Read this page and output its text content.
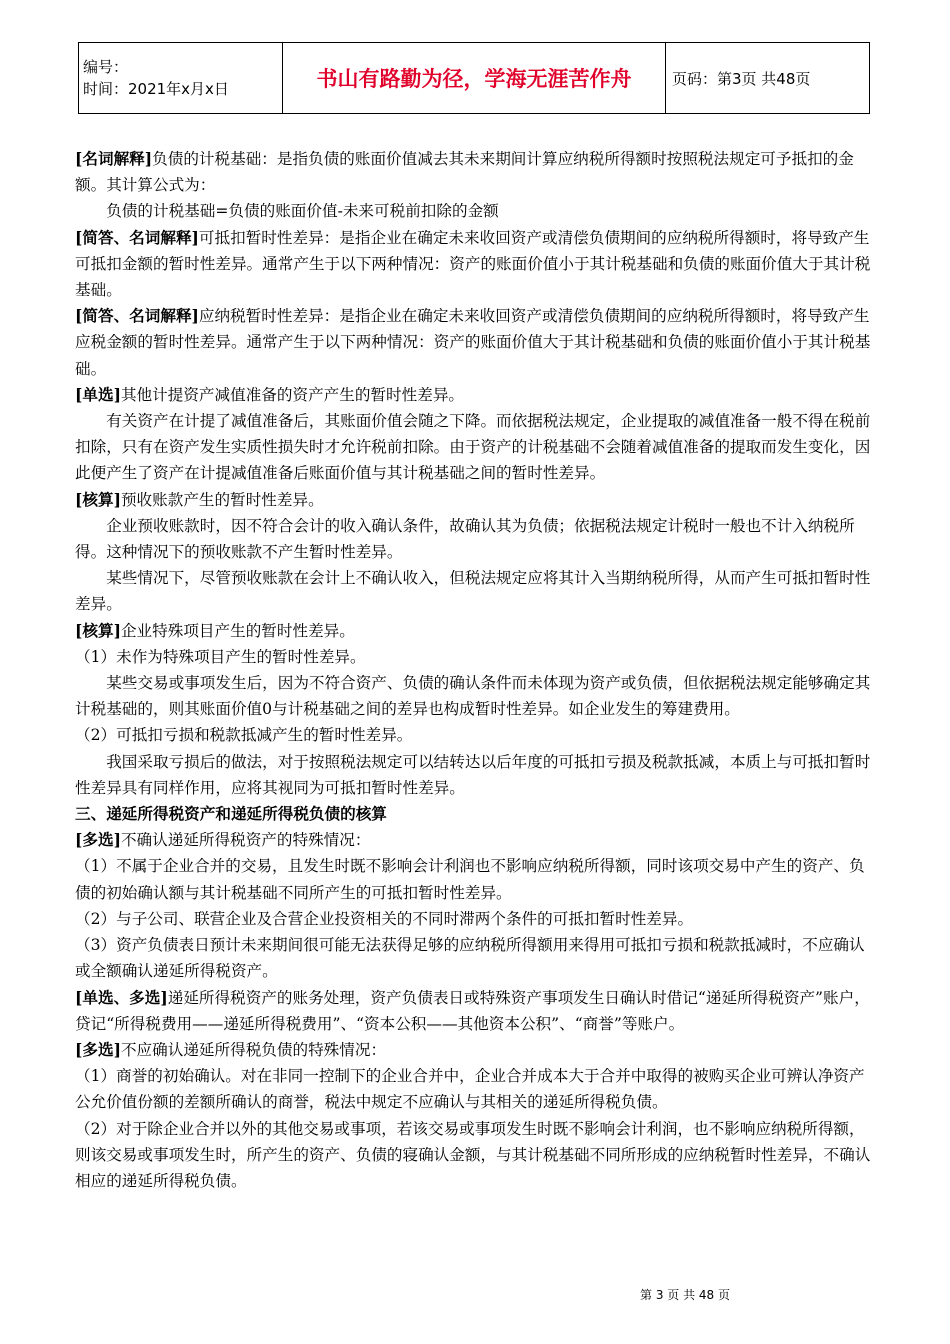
编号：
时间：2021年x月x日	书山有路勤为径，学海无涯苦作舟	页码：第3页 共48页

[名词解释]负债的计税基础：是指负债的账面价值减去其未来期间计算应纳税所得额时按照税法规定可予抵扣的金额。其计算公式为：

负债的计税基础=负债的账面价值-未来可税前扣除的金额

[简答、名词解释]可抵扣暂时性差异：是指企业在确定未来收回资产或清偿负债期间的应纳税所得额时，将导致产生可抵扣金额的暂时性差异。通常产生于以下两种情况：资产的账面价值小于其计税基础和负债的账面价值大于其计税基础。

[简答、名词解释]应纳税暂时性差异：是指企业在确定未来收回资产或清偿负债期间的应纳税所得额时，将导致产生应税金额的暂时性差异。通常产生于以下两种情况：资产的账面价值大于其计税基础和负债的账面价值小于其计税基础。

[单选]其他计提资产减值准备的资产产生的暂时性差异。

有关资产在计提了减值准备后，其账面价值会随之下降。而依据税法规定，企业提取的减值准备一般不得在税前扣除，只有在资产发生实质性损失时才允许税前扣除。由于资产的计税基础不会随着减值准备的提取而发生变化，因此便产生了资产在计提减值准备后账面价值与其计税基础之间的暂时性差异。

[核算]预收账款产生的暂时性差异。

企业预收账款时，因不符合会计的收入确认条件，故确认其为负债；依据税法规定计税时一般也不计入纳税所得。这种情况下的预收账款不产生暂时性差异。

某些情况下，尽管预收账款在会计上不确认收入，但税法规定应将其计入当期纳税所得，从而产生可抵扣暂时性差异。

[核算]企业特殊项目产生的暂时性差异。

（1）未作为特殊项目产生的暂时性差异。

某些交易或事项发生后，因为不符合资产、负债的确认条件而未体现为资产或负债，但依据税法规定能够确定其计税基础的，则其账面价值0与计税基础之间的差异也构成暂时性差异。如企业发生的筹建费用。

（2）可抵扣亏损和税款抵减产生的暂时性差异。

我国采取亏损后的做法，对于按照税法规定可以结转达以后年度的可抵扣亏损及税款抵减，本质上与可抵扣暂时性差异具有同样作用，应将其视同为可抵扣暂时性差异。

三、递延所得税资产和递延所得税负债的核算

[多选]不确认递延所得税资产的特殊情况：

（1）不属于企业合并的交易，且发生时既不影响会计利润也不影响应纳税所得额，同时该项交易中产生的资产、负债的初始确认额与其计税基础不同所产生的可抵扣暂时性差异。

（2）与子公司、联营企业及合营企业投资相关的不同时滞两个条件的可抵扣暂时性差异。

（3）资产负债表日预计未来期间很可能无法获得足够的应纳税所得额用来得用可抵扣亏损和税款抵减时，不应确认或全额确认递延所得税资产。

[单选、多选]递延所得税资产的账务处理，资产负债表日或特殊资产事项发生日确认时借记“递延所得税资产”账户，贷记“所得税费用——递延所得税费用”、“资本公积——其他资本公积”、“商誉”等账户。

[多选]不应确认递延所得税负债的特殊情况：

（1）商誉的初始确认。对在非同一控制下的企业合并中，企业合并成本大于合并中取得的被购买企业可辨认净资产公允价值份额的差额所确认的商誉，税法中规定不应确认与其相关的递延所得税负债。

（2）对于除企业合并以外的其他交易或事项，若该交易或事项发生时既不影响会计利润，也不影响应纳税所得额，则该交易或事项发生时，所产生的资产、负债的寝确认金额，与其计税基础不同所形成的应纳税暂时性差异，不确认相应的递延所得税负债。

第 3 页 共 48 页
